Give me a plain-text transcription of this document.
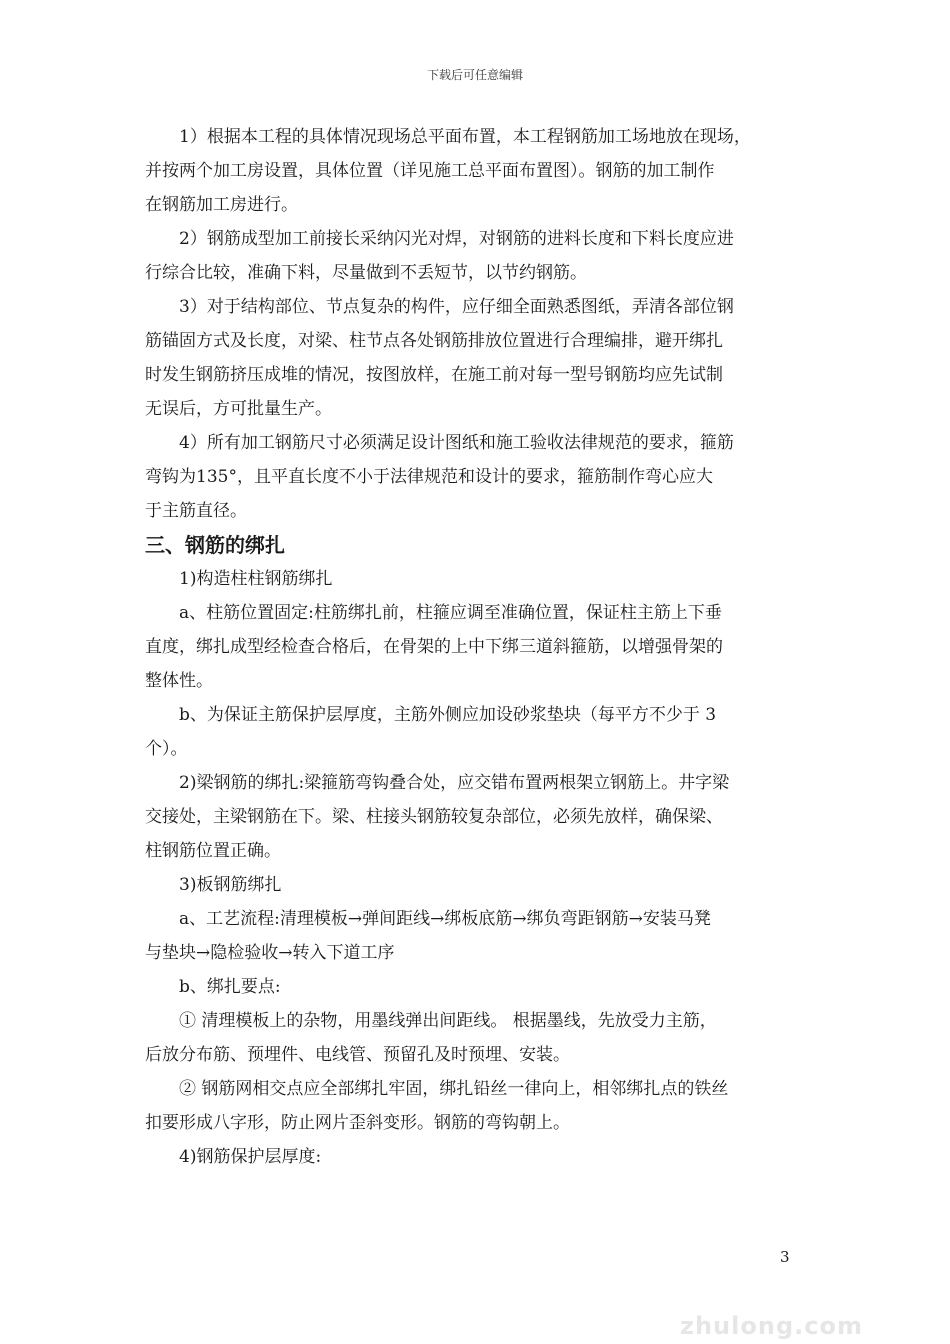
下载后可任意编辑
1）根据本工程的具体情况现场总平面布置，本工程钢筋加工场地放在现场，
并按两个加工房设置，具体位置（详见施工总平面布置图）。钢筋的加工制作
在钢筋加工房进行。
2）钢筋成型加工前接长采纳闪光对焊，对钢筋的进料长度和下料长度应进
行综合比较，准确下料，尽量做到不丢短节，以节约钢筋。
3）对于结构部位、节点复杂的构件，应仔细全面熟悉图纸，弄清各部位钢
筋锚固方式及长度，对梁、柱节点各处钢筋排放位置进行合理编排，避开绑扎
时发生钢筋挤压成堆的情况，按图放样，在施工前对每一型号钢筋均应先试制
无误后，方可批量生产。
4）所有加工钢筋尺寸必须满足设计图纸和施工验收法律规范的要求，箍筋
弯钩为135°，且平直长度不小于法律规范和设计的要求，箍筋制作弯心应大
于主筋直径。
三、钢筋的绑扎
1)构造柱柱钢筋绑扎
a、柱筋位置固定:柱筋绑扎前，柱箍应调至准确位置，保证柱主筋上下垂
直度，绑扎成型经检查合格后，在骨架的上中下绑三道斜箍筋，以增强骨架的
整体性。
b、为保证主筋保护层厚度，主筋外侧应加设砂浆垫块（每平方不少于 3
个）。
2)梁钢筋的绑扎:梁箍筋弯钩叠合处，应交错布置两根架立钢筋上。井字梁
交接处，主梁钢筋在下。梁、柱接头钢筋较复杂部位，必须先放样，确保梁、
柱钢筋位置正确。
3)板钢筋绑扎
a、工艺流程:清理模板→弹间距线→绑板底筋→绑负弯距钢筋→安装马凳
与垫块→隐检验收→转入下道工序
b、绑扎要点:
① 清理模板上的杂物，用墨线弹出间距线。 根据墨线，先放受力主筋，
后放分布筋、预埋件、电线管、预留孔及时预埋、安装。
② 钢筋网相交点应全部绑扎牢固，绑扎铅丝一律向上，相邻绑扎点的铁丝
扣要形成八字形，防止网片歪斜变形。钢筋的弯钩朝上。
4)钢筋保护层厚度:
3
zhulong.com
